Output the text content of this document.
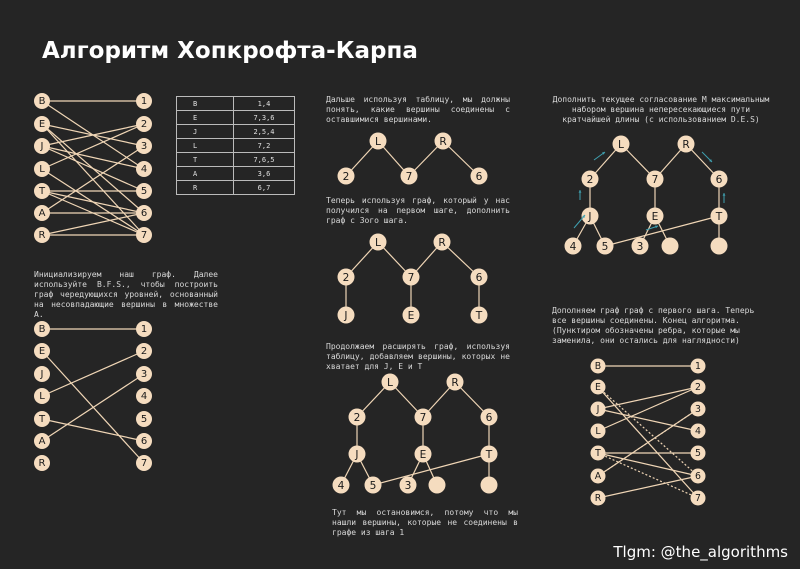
Алгоритм Хопкрофта-Карпа
B	1,4
E	7,3,6
J	2,5,4
L	7,2
T	7,6,5
A	3,6
R	6,7

Инициализируем наш граф. Далее используйте B.F.S., чтобы построить граф чередующихся уровней, основанный на несовпадающие вершины в множестве A.

Дальше используя таблицу, мы должны понять, какие вершины соединены с оставшимися вершинами.

Теперь используя граф, который у нас получился на первом шаге, дополнить граф с 3ого шага.

Продолжаем расширять граф, используя таблицу, добавляем вершины, которых не хватает для J, E и T

Тут мы остановимся, потому что мы нашли вершины, которые не соединены в графе из шага 1

Дополнить текущее согласование M максимальным набором вершина непересекающиеся пути кратчайшей длины (с использованием D.E.S)

Дополняем граф граф с первого шага. Теперь все вершины соединены. Конец алгоритма. (Пунктиром обозначены ребра, которые мы заменила, они остались для наглядности)

B
E
J
L
T
A
R
1
2
3
4
5
6
7
B
E
J
L
T
A
R
1
2
3
4
5
6
7
B
E
J
L
T
A
R
1
2
3
4
5
6
7
L	R
2	7	6
L	R
2	7	6
J	E	T
L	R
2	7	6
J	E	T
4 5	3
L	R
2	7	6
J	E	T
4 5	3
Tlgm: @the_algorithms
